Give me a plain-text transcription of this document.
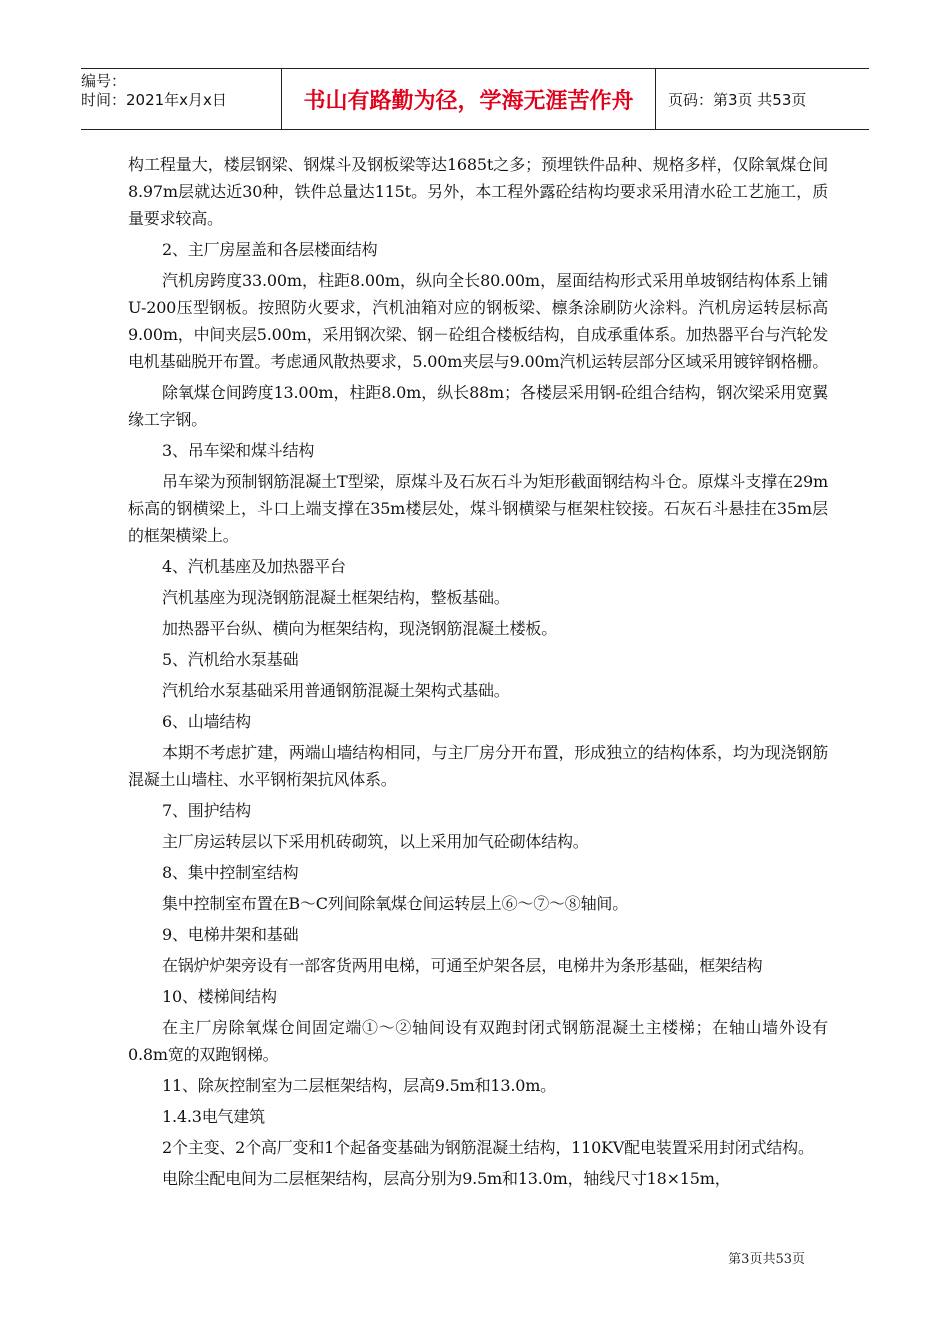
编号：
时间：2021年x月x日	书山有路勤为径，学海无涯苦作舟	页码：第3页 共53页

构工程量大，楼层钢梁、钢煤斗及钢板梁等达1685t之多；预埋铁件品种、规格多样，仅除氧煤仓间8.97m层就达近30种，铁件总量达115t。另外，本工程外露砼结构均要求采用清水砼工艺施工，质量要求较高。

2、主厂房屋盖和各层楼面结构

汽机房跨度33.00m，柱距8.00m，纵向全长80.00m，屋面结构形式采用单坡钢结构体系上铺U-200压型钢板。按照防火要求，汽机油箱对应的钢板梁、檩条涂刷防火涂料。汽机房运转层标高9.00m，中间夹层5.00m，采用钢次梁、钢－砼组合楼板结构，自成承重体系。加热器平台与汽轮发电机基础脱开布置。考虑通风散热要求，5.00m夹层与9.00m汽机运转层部分区域采用镀锌钢格栅。

除氧煤仓间跨度13.00m，柱距8.0m，纵长88m；各楼层采用钢-砼组合结构，钢次梁采用宽翼缘工字钢。

3、吊车梁和煤斗结构

吊车梁为预制钢筋混凝土T型梁，原煤斗及石灰石斗为矩形截面钢结构斗仓。原煤斗支撑在29m标高的钢横梁上，斗口上端支撑在35m楼层处，煤斗钢横梁与框架柱铰接。石灰石斗悬挂在35m层的框架横梁上。

4、汽机基座及加热器平台

汽机基座为现浇钢筋混凝土框架结构，整板基础。

加热器平台纵、横向为框架结构，现浇钢筋混凝土楼板。

5、汽机给水泵基础

汽机给水泵基础采用普通钢筋混凝土架构式基础。

6、山墙结构

本期不考虑扩建，两端山墙结构相同，与主厂房分开布置，形成独立的结构体系，均为现浇钢筋混凝土山墙柱、水平钢桁架抗风体系。

7、围护结构

主厂房运转层以下采用机砖砌筑，以上采用加气砼砌体结构。

8、集中控制室结构

集中控制室布置在B～C列间除氧煤仓间运转层上⑥～⑦～⑧轴间。

9、电梯井架和基础

在锅炉炉架旁设有一部客货两用电梯，可通至炉架各层，电梯井为条形基础，框架结构

10、楼梯间结构

在主厂房除氧煤仓间固定端①～②轴间设有双跑封闭式钢筋混凝土主楼梯；在轴山墙外设有0.8m宽的双跑钢梯。

11、除灰控制室为二层框架结构，层高9.5m和13.0m。

1.4.3电气建筑

2个主变、2个高厂变和1个起备变基础为钢筋混凝土结构，110KV配电装置采用封闭式结构。

电除尘配电间为二层框架结构，层高分别为9.5m和13.0m，轴线尺寸18×15m，

第3页共53页
